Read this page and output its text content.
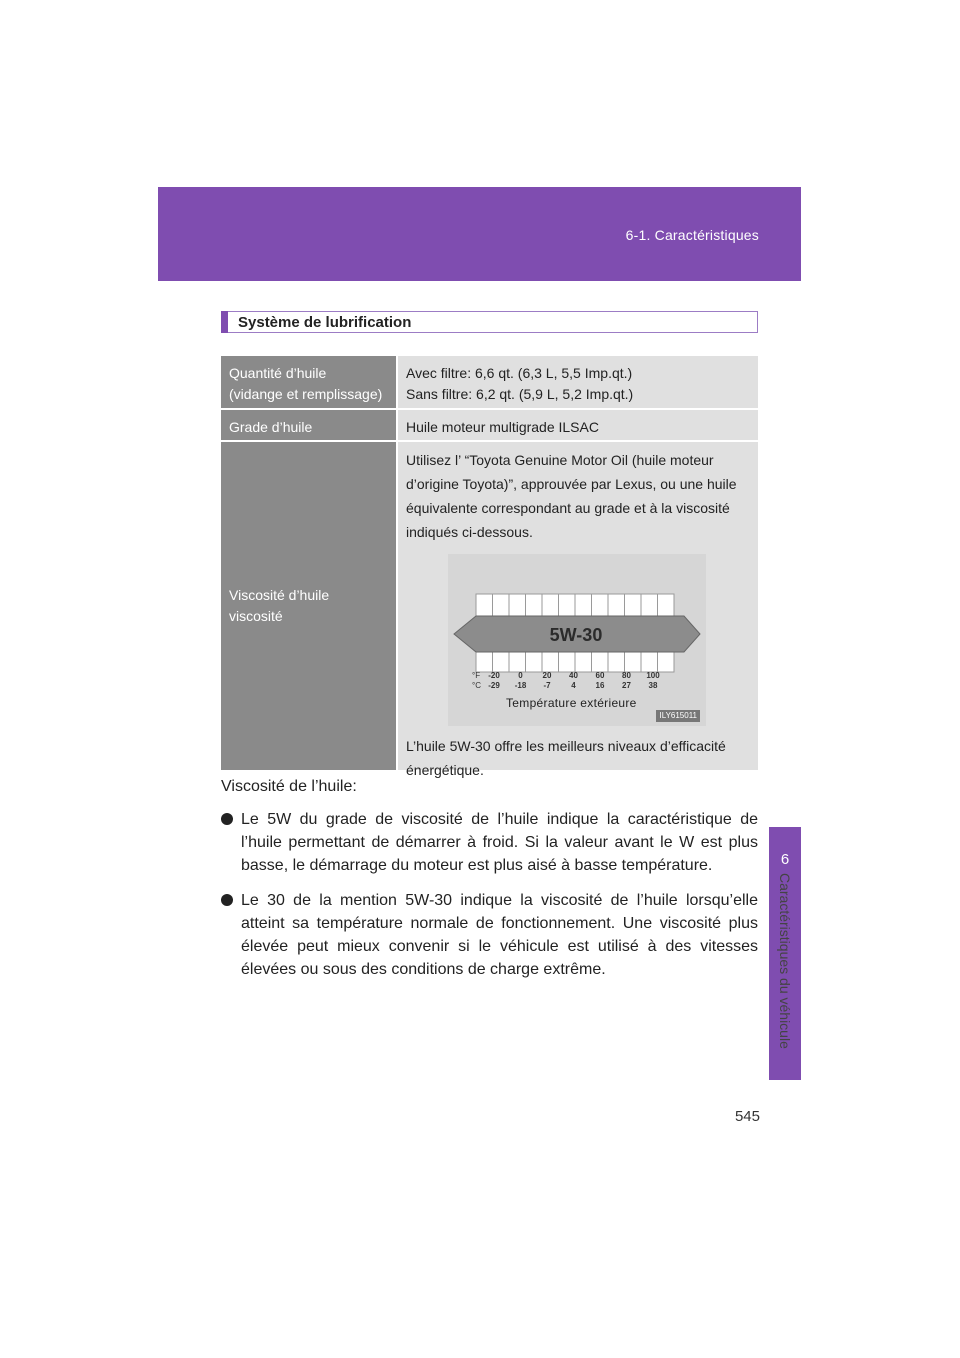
6-1. Caractéristiques
6
Caractéristiques du véhicule
Système de lubrification
Quantité d’huile
(vidange et remplissage)
Avec filtre: 6,6 qt. (6,3 L, 5,5 Imp.qt.)
Sans filtre: 6,2 qt. (5,9 L, 5,2 Imp.qt.)
Grade d’huile	Huile moteur multigrade ILSAC
Viscosité d’huile
viscosité
Utilisez l’ “Toyota Genuine Motor Oil (huile moteur d’origine Toyota)”, approuvée par Lexus, ou une huile équivalente correspondant au grade et à la viscosité indiqués ci-dessous.
5W-30
°F
°C
-20 0 20 40 60 80 100
-29 -18 -7	4 16 27 38
Température extérieure
ILY615011
L’huile 5W-30 offre les meilleurs niveaux d’efficacité énergétique.

Viscosité de l’huile:

Le 5W du grade de viscosité de l’huile indique la caractéristique de l’huile permettant de démarrer à froid. Si la valeur avant le W est plus basse, le démarrage du moteur est plus aisé à basse température.
Le 30 de la mention 5W-30 indique la viscosité de l’huile lorsqu’elle atteint sa température normale de fonctionnement. Une viscosité plus élevée peut mieux convenir si le véhicule est utilisé à des vitesses élevées ou sous des conditions de charge extrême.
545
